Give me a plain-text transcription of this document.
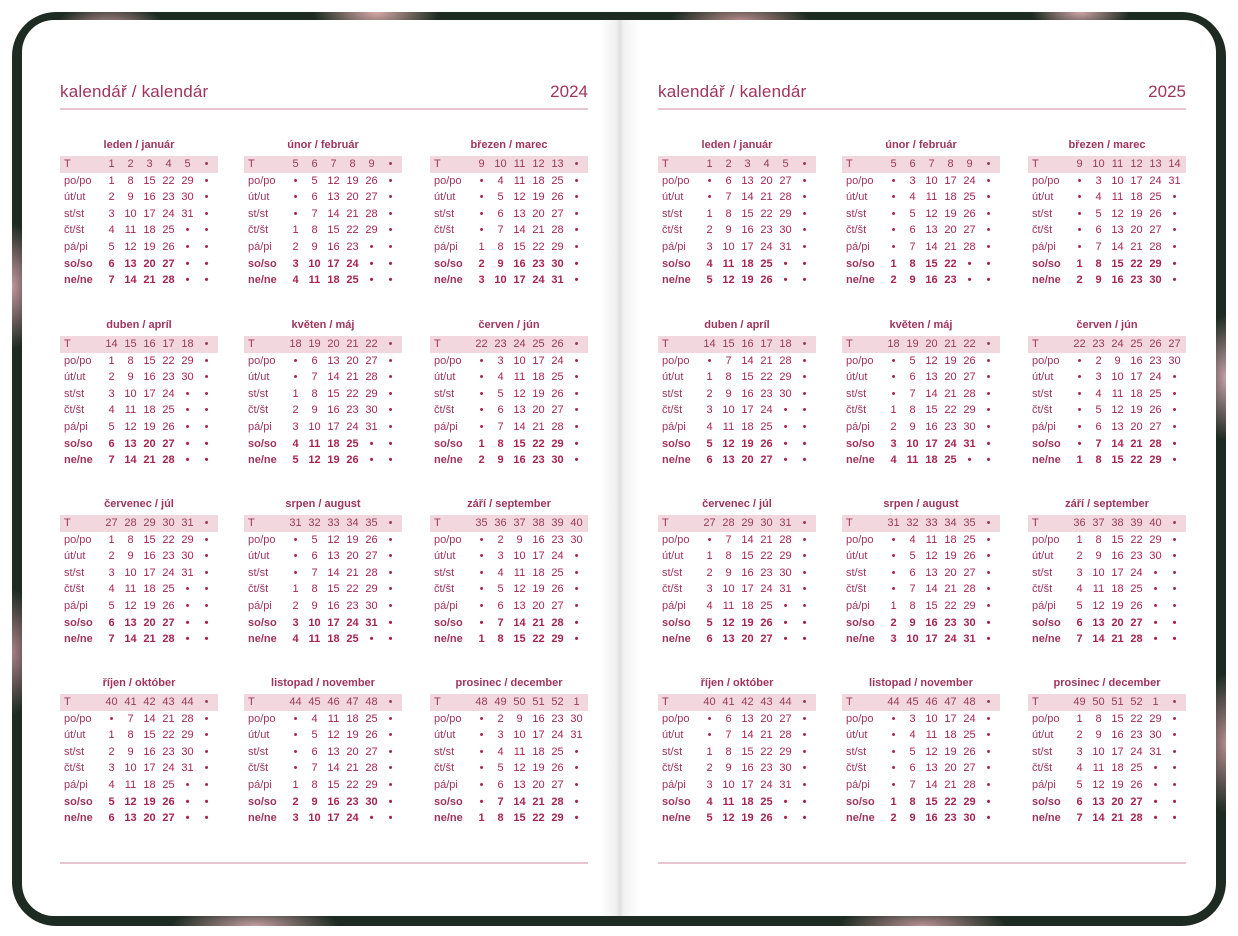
kalendář / kalendár	2024	kalendář / kalendár	2025
leden / január
T	1	2	3	4	5	•
po/po	1	8 15 22 29 •
út/ut	2	9 16 23 30 •
st/st	3 10 17 24 31 •
čt/št	4 11 18 25 •	•
pá/pi	5 12 19 26 •	•
so/so	6 13 20 27 •	•
ne/ne	7 14 21 28 •	•
únor / február
T	5	6	7	8	9	•
po/po	•	5 12 19 26 •
út/ut	•	6 13 20 27 •
st/st	•	7 14 21 28 •
čt/št	1	8 15 22 29 •
pá/pi	2	9 16 23 •	•
so/so	3 10 17 24 •	•
ne/ne	4 11 18 25 •	•
březen / marec
T	9 10 11 12 13 •
po/po	•	4 11 18 25 •
út/ut	•	5 12 19 26 •
st/st	•	6 13 20 27 •
čt/št	•	7 14 21 28 •
pá/pi	1	8 15 22 29 •
so/so	2	9 16 23 30 •
ne/ne	3 10 17 24 31 •
duben / apríl
T	14 15 16 17 18 •
po/po	1	8 15 22 29 •
út/ut	2	9 16 23 30 •
st/st	3 10 17 24 •	•
čt/št	4 11 18 25 •	•
pá/pi	5 12 19 26 •	•
so/so	6 13 20 27 •	•
ne/ne	7 14 21 28 •	•
květen / máj
T	18 19 20 21 22 •
po/po	•	6 13 20 27 •
út/ut	•	7 14 21 28 •
st/st	1	8 15 22 29 •
čt/št	2	9 16 23 30 •
pá/pi	3 10 17 24 31 •
so/so	4 11 18 25 •	•
ne/ne	5 12 19 26 •	•
červen / jún
T	22 23 24 25 26 •
po/po	•	3 10 17 24 •
út/ut	•	4 11 18 25 •
st/st	•	5 12 19 26 •
čt/št	•	6 13 20 27 •
pá/pi	•	7 14 21 28 •
so/so	1	8 15 22 29 •
ne/ne	2	9 16 23 30 •
červenec / júl
T	27 28 29 30 31 •
po/po	1	8 15 22 29 •
út/ut	2	9 16 23 30 •
st/st	3 10 17 24 31 •
čt/št	4 11 18 25 •	•
pá/pi	5 12 19 26 •	•
so/so	6 13 20 27 •	•
ne/ne	7 14 21 28 •	•
srpen / august
T	31 32 33 34 35 •
po/po	•	5 12 19 26 •
út/ut	•	6 13 20 27 •
st/st	•	7 14 21 28 •
čt/št	1	8 15 22 29 •
pá/pi	2	9 16 23 30 •
so/so	3 10 17 24 31 •
ne/ne	4 11 18 25 •	•
září / september
T	35 36 37 38 39 40
po/po	•	2	9 16 23 30
út/ut	•	3 10 17 24 •
st/st	•	4 11 18 25 •
čt/št	•	5 12 19 26 •
pá/pi	•	6 13 20 27 •
so/so	•	7 14 21 28 •
ne/ne	1	8 15 22 29 •
říjen / október
T	40 41 42 43 44 •
po/po	•	7 14 21 28 •
út/ut	1	8 15 22 29 •
st/st	2	9 16 23 30 •
čt/št	3 10 17 24 31 •
pá/pi	4 11 18 25 •	•
so/so	5 12 19 26 •	•
ne/ne	6 13 20 27 •	•
listopad / november
T	44 45 46 47 48 •
po/po	•	4 11 18 25 •
út/ut	•	5 12 19 26 •
st/st	•	6 13 20 27 •
čt/št	•	7 14 21 28 •
pá/pi	1	8 15 22 29 •
so/so	2	9 16 23 30 •
ne/ne	3 10 17 24 •	•
prosinec / december
T	48 49 50 51 52 1
po/po	•	2	9 16 23 30
út/ut	•	3 10 17 24 31
st/st	•	4 11 18 25 •
čt/št	•	5 12 19 26 •
pá/pi	•	6 13 20 27 •
so/so	•	7 14 21 28 •
ne/ne	1	8 15 22 29 •
leden / január
T	1	2	3	4	5	•
po/po	•	6 13 20 27 •
út/ut	•	7 14 21 28 •
st/st	1	8 15 22 29 •
čt/št	2	9 16 23 30 •
pá/pi	3 10 17 24 31 •
so/so	4 11 18 25 •	•
ne/ne	5 12 19 26 •	•
únor / február
T	5	6	7	8	9	•
po/po	•	3 10 17 24 •
út/ut	•	4 11 18 25 •
st/st	•	5 12 19 26 •
čt/št	•	6 13 20 27 •
pá/pi	•	7 14 21 28 •
so/so	1	8 15 22 •	•
ne/ne	2	9 16 23 •	•
březen / marec
T	9 10 11 12 13 14
po/po	•	3 10 17 24 31
út/ut	•	4 11 18 25 •
st/st	•	5 12 19 26 •
čt/št	•	6 13 20 27 •
pá/pi	•	7 14 21 28 •
so/so	1	8 15 22 29 •
ne/ne	2	9 16 23 30 •
duben / apríl
T	14 15 16 17 18 •
po/po	•	7 14 21 28 •
út/ut	1	8 15 22 29 •
st/st	2	9 16 23 30 •
čt/št	3 10 17 24 •	•
pá/pi	4 11 18 25 •	•
so/so	5 12 19 26 •	•
ne/ne	6 13 20 27 •	•
květen / máj
T	18 19 20 21 22 •
po/po	•	5 12 19 26 •
út/ut	•	6 13 20 27 •
st/st	•	7 14 21 28 •
čt/št	1	8 15 22 29 •
pá/pi	2	9 16 23 30 •
so/so	3 10 17 24 31 •
ne/ne	4 11 18 25 •	•
červen / jún
T	22 23 24 25 26 27
po/po	•	2	9 16 23 30
út/ut	•	3 10 17 24 •
st/st	•	4 11 18 25 •
čt/št	•	5 12 19 26 •
pá/pi	•	6 13 20 27 •
so/so	•	7 14 21 28 •
ne/ne	1	8 15 22 29 •
červenec / júl
T	27 28 29 30 31 •
po/po	•	7 14 21 28 •
út/ut	1	8 15 22 29 •
st/st	2	9 16 23 30 •
čt/št	3 10 17 24 31 •
pá/pi	4 11 18 25 •	•
so/so	5 12 19 26 •	•
ne/ne	6 13 20 27 •	•
srpen / august
T	31 32 33 34 35 •
po/po	•	4 11 18 25 •
út/ut	•	5 12 19 26 •
st/st	•	6 13 20 27 •
čt/št	•	7 14 21 28 •
pá/pi	1	8 15 22 29 •
so/so	2	9 16 23 30 •
ne/ne	3 10 17 24 31 •
září / september
T	36 37 38 39 40 •
po/po	1	8 15 22 29 •
út/ut	2	9 16 23 30 •
st/st	3 10 17 24 •	•
čt/št	4 11 18 25 •	•
pá/pi	5 12 19 26 •	•
so/so	6 13 20 27 •	•
ne/ne	7 14 21 28 •	•
říjen / október
T	40 41 42 43 44 •
po/po	•	6 13 20 27 •
út/ut	•	7 14 21 28 •
st/st	1	8 15 22 29 •
čt/št	2	9 16 23 30 •
pá/pi	3 10 17 24 31 •
so/so	4 11 18 25 •	•
ne/ne	5 12 19 26 •	•
listopad / november
T	44 45 46 47 48 •
po/po	•	3 10 17 24 •
út/ut	•	4 11 18 25 •
st/st	•	5 12 19 26 •
čt/št	•	6 13 20 27 •
pá/pi	•	7 14 21 28 •
so/so	1	8 15 22 29 •
ne/ne	2	9 16 23 30 •
prosinec / december
T	49 50 51 52 1	•
po/po	1	8 15 22 29 •
út/ut	2	9 16 23 30 •
st/st	3 10 17 24 31 •
čt/št	4 11 18 25 •	•
pá/pi	5 12 19 26 •	•
so/so	6 13 20 27 •	•
ne/ne	7 14 21 28 •	•
